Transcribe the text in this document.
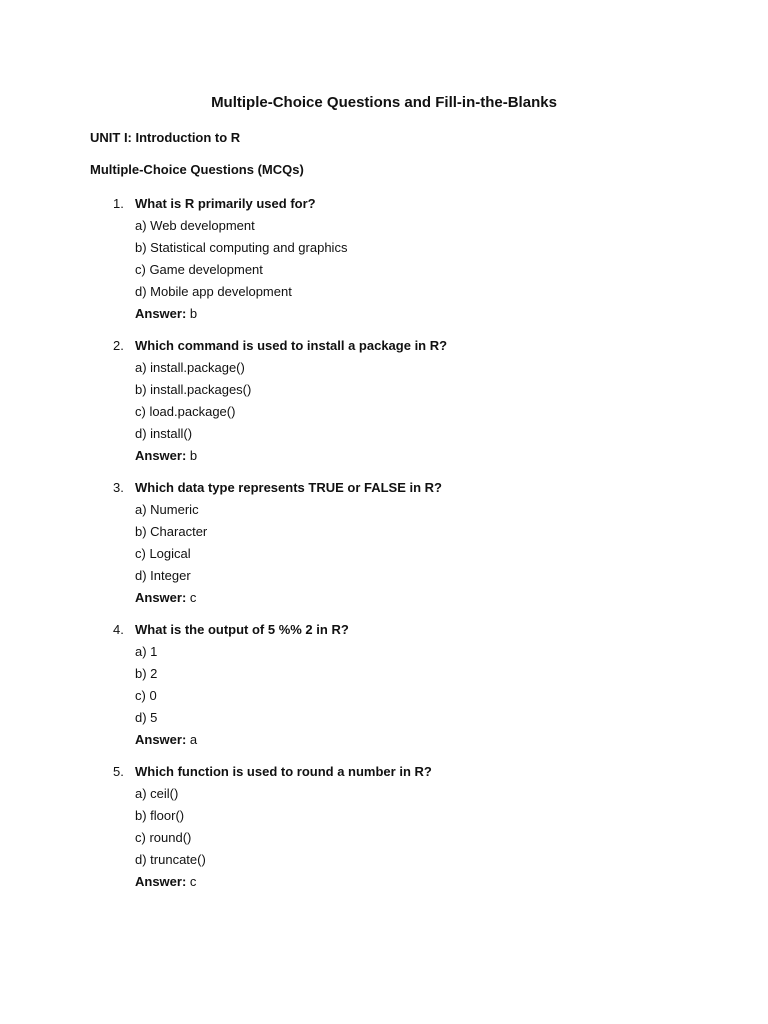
Multiple-Choice Questions and Fill-in-the-Blanks

UNIT I: Introduction to R

Multiple-Choice Questions (MCQs)

1. What is R primarily used for?
a) Web development
b) Statistical computing and graphics
c) Game development
d) Mobile app development
Answer: b
2. Which command is used to install a package in R?
a) install.package()
b) install.packages()
c) load.package()
d) install()
Answer: b
3. Which data type represents TRUE or FALSE in R?
a) Numeric
b) Character
c) Logical
d) Integer
Answer: c
4. What is the output of 5 %% 2 in R?
a) 1
b) 2
c) 0
d) 5
Answer: a
5. Which function is used to round a number in R?
a) ceil()
b) floor()
c) round()
d) truncate()
Answer: c
